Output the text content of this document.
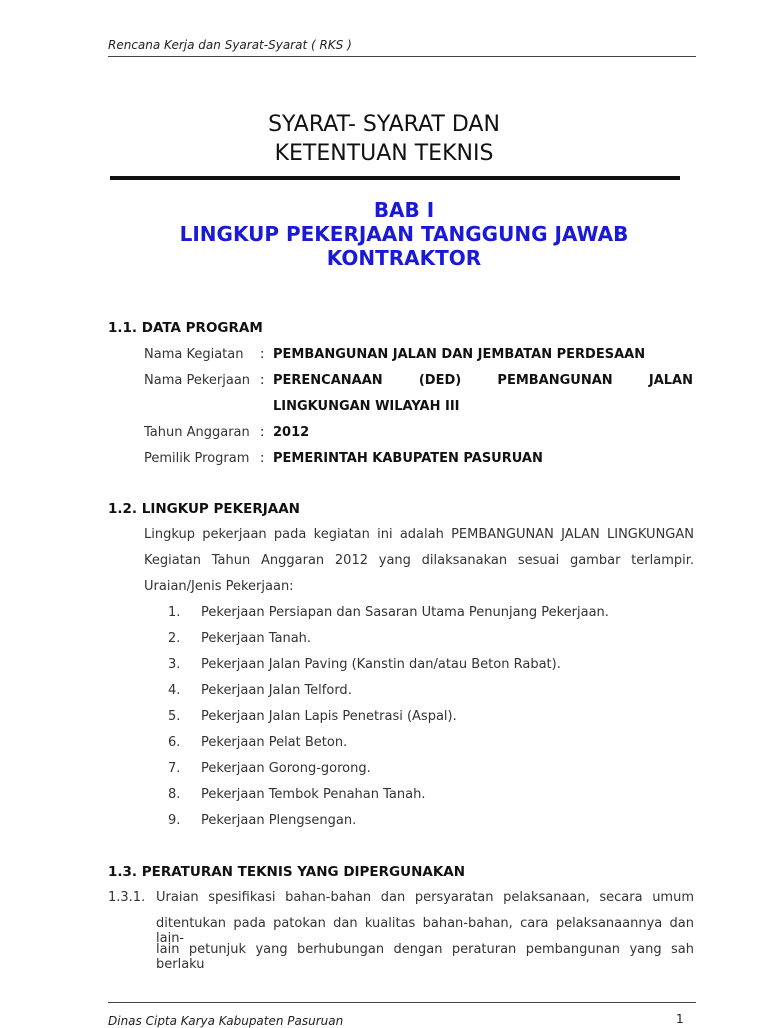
Rencana Kerja dan Syarat-Syarat ( RKS )
SYARAT- SYARAT DAN
KETENTUAN TEKNIS
BAB I
LINGKUP PEKERJAAN TANGGUNG JAWAB
KONTRAKTOR
1.1. DATA PROGRAM
Nama Kegiatan : PEMBANGUNAN JALAN DAN JEMBATAN PERDESAAN
Nama Pekerjaan : PERENCANAAN (DED) PEMBANGUNAN JALAN
LINGKUNGAN WILAYAH III
Tahun Anggaran : 2012
Pemilik Program : PEMERINTAH KABUPATEN PASURUAN
1.2. LINGKUP PEKERJAAN
Lingkup pekerjaan pada kegiatan ini adalah PEMBANGUNAN JALAN LINGKUNGAN
Kegiatan Tahun Anggaran 2012 yang dilaksanakan sesuai gambar terlampir.
Uraian/Jenis Pekerjaan:
1.	Pekerjaan Persiapan dan Sasaran Utama Penunjang Pekerjaan.
2.	Pekerjaan Tanah.
3.	Pekerjaan Jalan Paving (Kanstin dan/atau Beton Rabat).
4.	Pekerjaan Jalan Telford.
5.	Pekerjaan Jalan Lapis Penetrasi (Aspal).
6.	Pekerjaan Pelat Beton.
7.	Pekerjaan Gorong-gorong.
8.	Pekerjaan Tembok Penahan Tanah.
9.	Pekerjaan Plengsengan.
1.3. PERATURAN TEKNIS YANG DIPERGUNAKAN
1.3.1. Uraian spesifikasi bahan-bahan dan persyaratan pelaksanaan, secara umum
ditentukan pada patokan dan kualitas bahan-bahan, cara pelaksanaannya dan lain-
lain petunjuk yang berhubungan dengan peraturan pembangunan yang sah berlaku
Dinas Cipta Karya Kabupaten Pasuruan	1
